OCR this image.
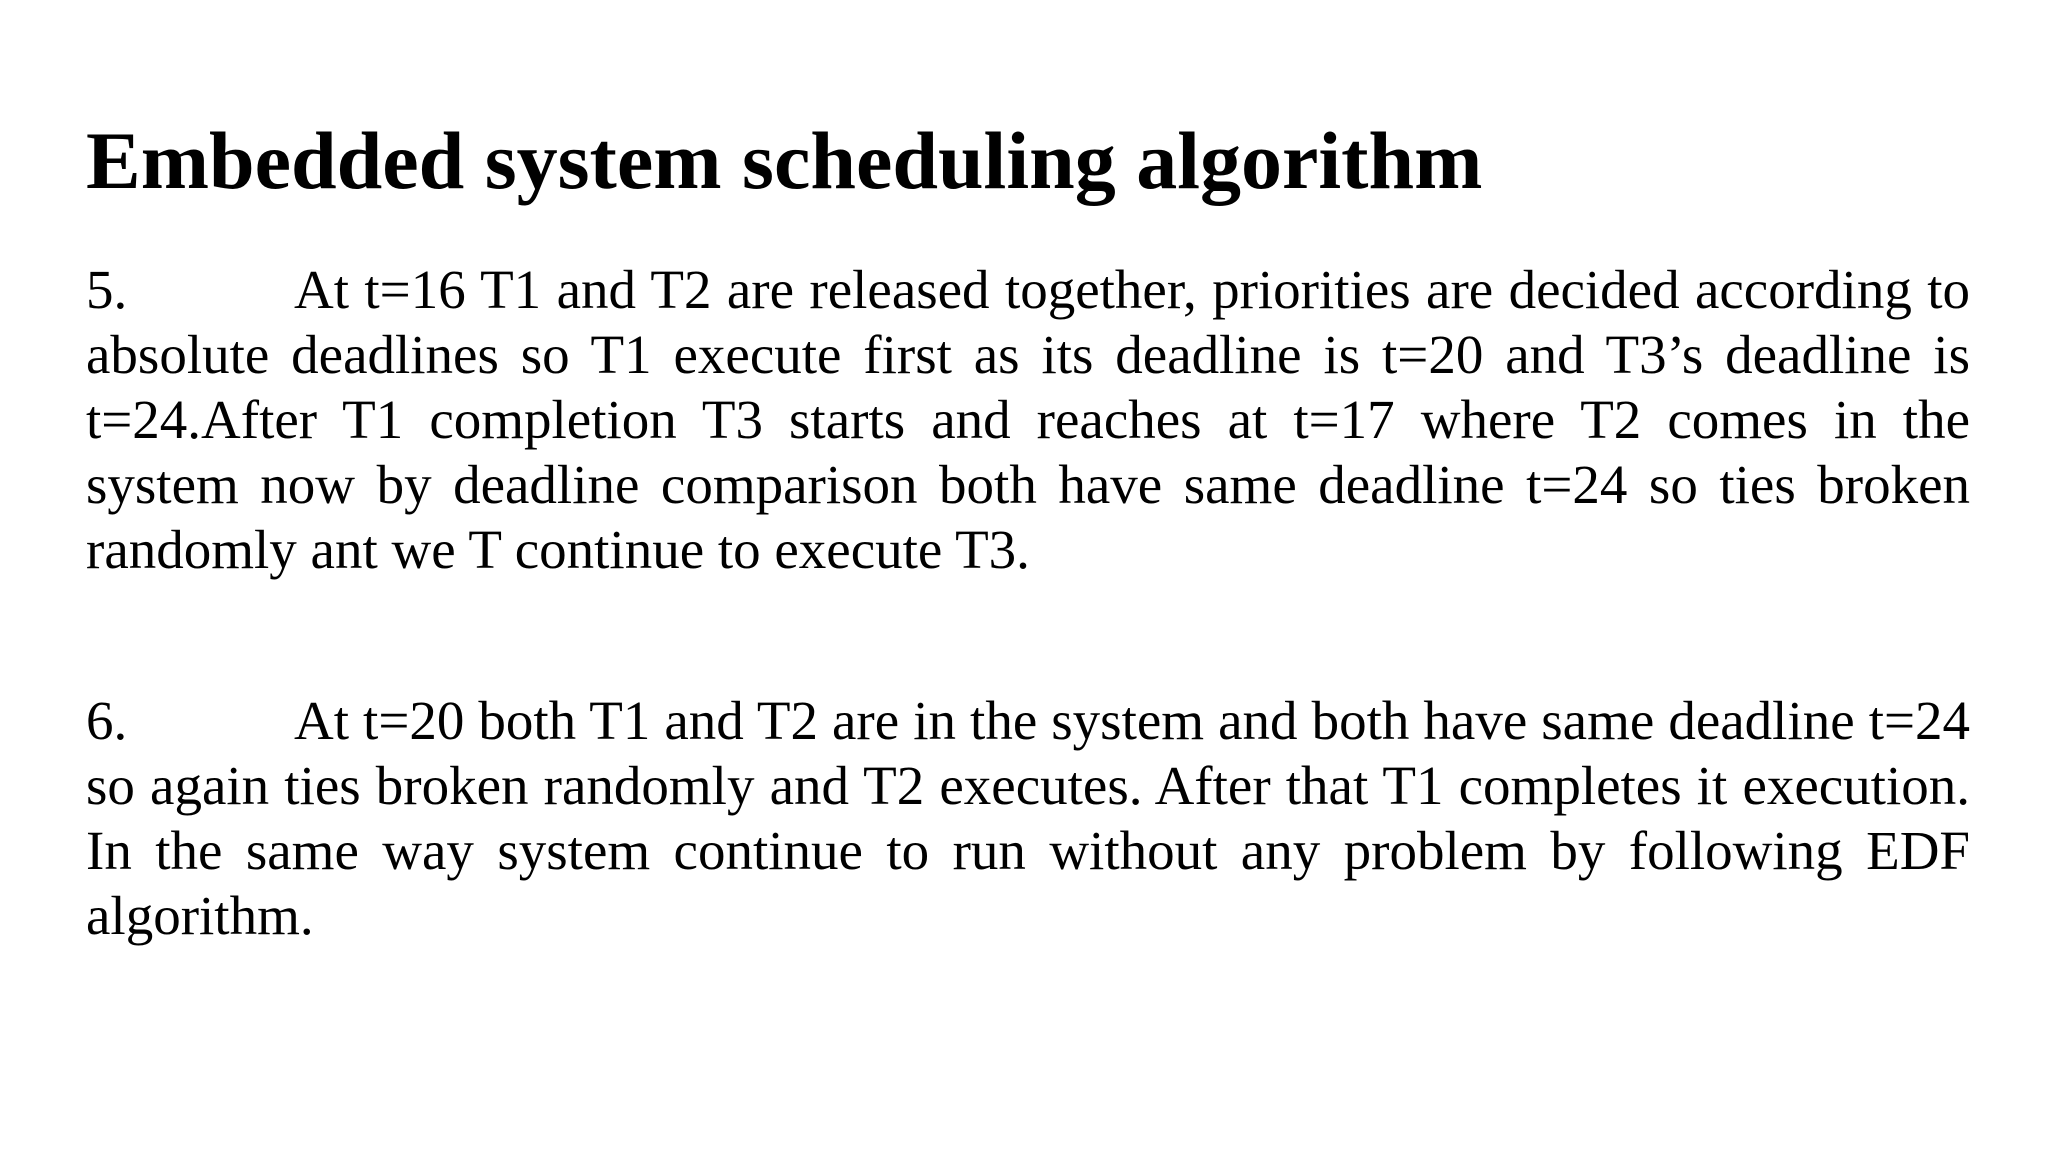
Embedded system scheduling algorithm

5.	At t=16 T1 and T2 are released together, priorities are decided according to absolute deadlines so T1 execute first as its deadline is t=20 and T3’s deadline is t=24.After T1 completion T3 starts and reaches at t=17 where T2 comes in the system now by deadline comparison both have same deadline t=24 so ties broken randomly ant we T continue to execute T3.

6.	At t=20 both T1 and T2 are in the system and both have same deadline t=24 so again ties broken randomly and T2 executes. After that T1 completes it execution. In the same way system continue to run without any problem by following EDF algorithm.
